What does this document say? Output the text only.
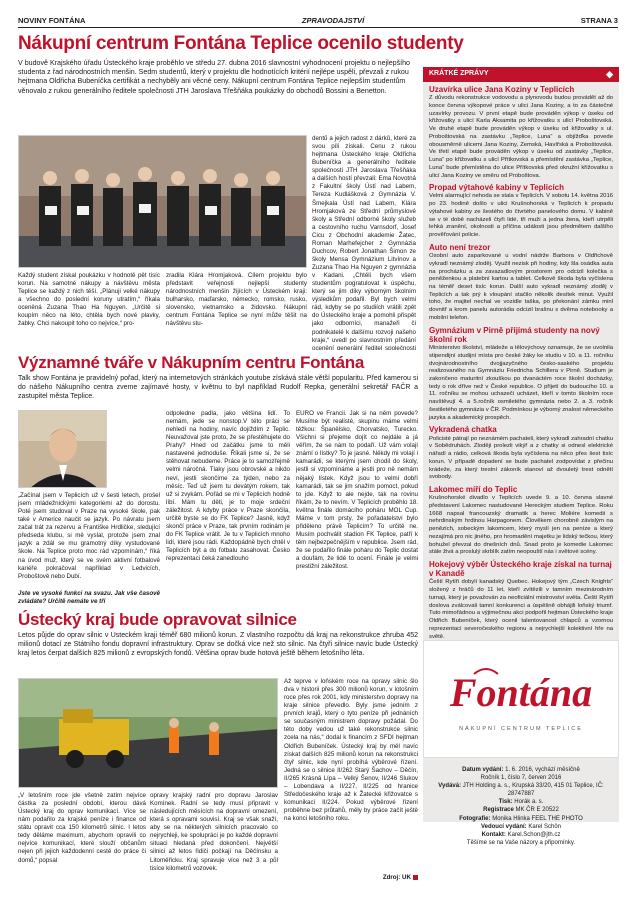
NOVINY FONTÁNA	ZPRAVODAJSTVÍ	STRANA 3
Nákupní centrum Fontána Teplice ocenilo studenty
V budově Krajského úřadu Ústeckého kraje proběhlo ve středu 27. dubna 2016 slavnostní vyhodnocení projektu o nejlepšího studenta z řad národnostních menšin. Sedm studentů, který v projektu dle hodnotících kritérií nejlépe uspěli, převzali z rukou hejtmana Oldřicha Bubeníčka certifikát a nechyběly ani věcné ceny. Nákupní centrum Fontána Teplice nejlepším studentům věnovalo z rukou generálního ředitele společnosti JTH Jaroslava Třešňáka poukázky do obchodů Bossini a Benetton.
dentů a jejich radost z dárků, které za svou píli získali. Cenu z rukou hejtmana Ústeckého kraje Oldřicha Bubeníčka a generálního ředitele společnosti JTH Jaroslava Třešňáka a dalších hostí převzali: Ema Novotná z Fakultní školy Ústí nad Labem, Tereza Kudlášková z Gymnázia V. Šmejkala Ústí nad Labem, Klára Hromjaková ze Střední průmyslové školy a Střední odborné školy služeb a cestovního ruchu Varnsdorf, Josef Cicu z Obchodní akademie Žatec, Roman Marhefejcher z Gymnázia Duchcov, Robert Jonathan Šimon ze školy Mensa Gymnázium Litvínov a Zuzana Thao Ha Nguyen z gymnázia v Kadani. „Chtěli bych všem studentům pogratulovat k úspěchu, který se jim díky výborným školním výsledkům podařil. Byl bych velmi rád, kdyby se po studiích vrátili zpět do Ústeckého kraje a pomohli přispět jako odborníci, manažeři či podnikatelé k dalšímu rozvoji našeho kraje,“ uvedl po slavnostním předání ocenění generální ředitel společnosti
Každý student získal poukázku v hodnotě pět tisíc korun. Na samotné nákupy a návštěvu města Teplice se každý z nich těší. „Plánuji velké nákupy a všechno do poslední koruny utratím,“ říkala oceněná Zuzana Thao Ha Nguyen. „Určitě si koupím něco na léto, chtěla bych nové plavky, žabky. Chci nakoupit toho co nejvíce,“ pro-
zradila Klára Hromjaková. Cílem projektu bylo představit veřejnosti nejlepší studenty národnostních menšin žijících v Ústeckém kraji: bulharsko, maďarsko, německo, romsko, rusko, slovensko, vietnamsko a židovsko. Nákupní centrum Fontána Teplice se nyní může těšit na návštěvu stu-
Významné tváře v Nákupním centru Fontána
Talk show Fontána je pravidelný pořad, který na internetových stránkách youtube získává stále větší popularitu. Před kamerou si do nášeho Nákupního centra zveme zajímavé hosty, v květnu to byl například Rudolf Repka, generální sekretář FAČR a zastupitel města Teplice.
„Začínal jsem v Teplicích už v šesti letech, prošel jsem mládežnickými kategoriemi až do dorostu. Poté jsem studoval v Praze na vysoké škole, pak také v Americe naučit se jazyk. Po návratu jsem začal trát za rezervu a Františke Hrdličke, sledující předseda klubu, si mě vyslal, protože jsem znal jazyk a zdál se mu gramotný díky vystudované škole. Na Teplice proto moc rád vzpomínám,“ říká na úvod muž, který se ve svém aktivní fotbalové kariéře pokračoval například v Ledvicích, Proboštově nebo Dubí.
Jste ve vysoké funkci na svazu. Jak vše časově zvládáte? Určitě nemáte ve tři
odpoledne padla, jako většina lidí. To nemám, jede se nonstop.V této práci se nehledí na hodiny, navíc dojíždím z Teplic. Neuvažoval jste proto, že se přestěhujete do Prahy? Hned od začátku jsme to měli nastavené jednoduše. Říkali jsme si, že se stěhovat nebudeme. Práce je to samozřejmě velmi náročná. Tlaky jsou obrovské a nikdo neví, jestli skončíme za týden, nebo za měsíc. Teď už jsem tu devátým rokem, tak už si zvykám. Pořád se mi v Teplicích hodně líbí. Mám tu děti, je to moje srdeční záležitost. A kdyby práce v Praze skončila, určitě byste se do FK Teplice? Jasně, když skončí práce v Praze, tak prvním rodinám je do FK Teplice vrátit. Je tu v Teplicích mnoho lidí, které jsou rádi. Každopádně bych chtěl v Teplicích být a do fotbalu zasahovat. Česko reprezentaci čeká zanedlouho
EURO ve Francii. Jak si na něm povede? Musíme být realisté, skupinu máme velmi těžkou: Španělsko, Chorvatsko, Turecko. Všichni si přejeme dojít co nejdále a já věřím, že se nám to podaří. Už vám volají známí o lístky? To je jasné. Někdy mi volají i kamarádi, se kterými jsem chodil do školy, jestli si vzpomínáme a jestli pro ně nemám nějaký lístek. Když jsou to velmi dobří kamarádi, tak se jim snažím pomoct, pokud to jde. Když to ale nejde, tak na rovinu říkám, že to nevím. V Teplicích proběhlo 18. května finále domácího poháru MOL Cup. Máme v tom prsty, že pořadatelství bylo přiděleno právě Teplicím? To určitě ne. Musím pochválit stadion FK Teplice, patří k těm nejbezpečnějším v republice. Jsem rád, že se podařilo finále poháru do Teplic dostat a doufám, že lidé to ocení. Finále je velmi prestižní záležitost.
Ústecký kraj bude opravovat silnice
Letos půjde do oprav silnic v Ústeckém kraji téměř 680 milionů korun. Z vlastního rozpočtu dá kraj na rekonstrukce zhruba 452 milionů dotací ze Státního fondu dopravní infrastruktury. Oprav se dočká více než sto silnic. Na čtyři silnice navíc bude Ústecký kraj letos čerpat dalších 825 milionů z evropských fondů. Většina oprav bude hotová ještě během letošního léta.
„V letošním roce jde všetně zatím nejvíce částka za poslední období, kterou dává Ústecký kraj do oprav komunikací. Více se nám podařilo za krajské peníze i finance od státu opravit cca 150 kilometrů silnic. I letos tedy děláme maximum, abychom opravili co nejvíce komunikací, které slouží občanům nejen při jejich každodenní cestě do práce či domů,“ popsal
opravy krajský radní pro dopravu Jaroslav Komínek. Radní se tedy musí připravit v následujících měsících na dopravní omezení, která s opravami souvisí. Kraj se však snaží, aby se na některých silnicích pracovalo co nejrychleji, ke spolupráci je po každé dopravní situaci hledaná před dokončení. Největší silnici až letos řidiči počkají na Děčínsku a Litoměřicku. Kraj spravuje více než 3 a půl tisíce kilometrů vozovek.
Až teprve v loňském roce na opravy silnic šlo dva v historii přes 300 milionů korun, v lotošním roce přes rok 2001, kdy ministerstvo dopravy na kraje silnice převedlo. Byly jsme jedním z prvních krajů, který o tyto peníze při jednáních se současným ministrem dopravy požádal. Do této doby vedou už také rekonstrukce silnic zcela na nás,“ dodal k financím z SFDI hejtman Oldřich Bubeníček. Ústecký kraj by měl navíc získat dalších 825 milionů korun na rekonstrukci čtyř silnic, kde nyní probíhá výběrové řízení. Jedná se o silnice II/262 Starý Šachov – Děčín, II/265 Krásná Lípa – Velký Šenov, II/246 Slukov – Lobendava a II/227, II/225 od hranice Středočeského kraje až k Žatecké křižovatce s komunikací II/224. Pokud výběrové řízení proběhne bez průtahů, měly by práce začít ještě na konci letošního roku.
Zdroj: ÚK
KRÁTKÉ ZPRÁVY	◆
Uzavírka ulice Jana Koziny v Teplicích
Z důvodu rekonstrukce vodovodu a plynovodu budou provádět až do konce června výkopové práce v ulici Jana Koziny, a to za částečné uzavírky provozu. V první etapě bude prováděn výkop v úseku od křižovatky s ulicí Karla Aksamita po křižovatku s ulicí Proboštovská. Ve druhé etapě bude prováděn výkop v úseku od křižovatky s ul. Proboštovská na zastávku „Teplice, Luna“ a objížďka povede obousměrně ulicemi Jana Koziny, Zemská, Havířská a Proboštovská. Ve třetí etapě bude prováděn výkop v úseku od zastávky „Teplice, Luna“ po křižovatku s ulicí Přítkovská a přemístění zastávka „Teplice, Luna“ bude přemístěna do ulice Přítkovská před okružní křižovatku s ulicí Jana Koziny ve směru od Proboštova.
Propad výtahové kabiny v Teplicích
Velmi alarmující nehoda se stala v Teplicích. V sobotu 14. května 2016 po 23. hodině došlo v ulici Krušnohorská v Teplicích k propadu výtahové kabiny ze šestého do čtvrtého panelového domu. V kabině se v té době nacházeli čtyři lidé, tři muži a jedna žena, kteří utrpěli lehká zranění, okolnosti a příčina události jsou předmětem dalšího prověřování policie.
Auto není trezor
Osobní auto zaparkované u vodní nádrže Barbora v Oldřichově vykradl neznámý zloděj. Využil nezisk při hodiny, kdy šla osádka auta na procházku a za zavazadlovým prostorem pro odcizil kolečka s peněženkou a platební kartou a tablet. Celkově škoda byla vyčíslena na téměř deset tisíc korun. Další auto vykradl neznámý zloděj v Teplicích a tak prý k vloupání stačilo několik desítek minut. Využil toho, že majitel nechal ve vozidle taška, po překonání zámku minl dovnitř a krom panelu autorádia odcizil brašnu s dvěma notebooky a mobilní telefon.
Gymnázium v Pirně přijímá studenty na nový školní rok
Ministerstvo školství, mládeže a tělovýchovy oznamuje, že se uvolnila stipendijní studijní místa pro české žáky ke studiu v 10. a 11. ročníku dvojnárodnostního dvojjazyčného česko-saského projektu realizovaného na Gymnáziu Friedricha Schillera v Pirně. Studium je zakončeno maturitní zkouškou po dvanáctém roce školní docházky, tedy o rok dříve než v České republice. O přijetí do budoucího 10. a 11. ročníku se mohou uchazeči ucházet, kteří v tomto školním roce navštěvují 4. a 5.ročník osmiletého gymnázia nebo 2. a 3. ročník šestiletého gymnázia v ČR. Podmínkou je výborný znalost německého jazyka a akademický prospěch.
Vykradená chatka
Policisté pátrají po neznámém pachateli, který vykradl zahradní chatku v Sobědruhách. Zloději prolezli vikýř a z chatky si odnesl elektrické nářadí a rádio, celková škoda byla vyčíslena na něco přes šest tisíc korun. V případě dopadení se bude pachatel zodpovídat z přečinu krádeže, za který trestní zákoník stanoví až dvouletý trest odnětí svobody.
Lakomec míří do Teplic
Krušnohorské divadlo v Teplicích uvede 9. a 10. června slavné představení Lakomec nastudované Hereckým studiem Teplice. Roku 1668 napsal francouzský dramatik a herec Moliére komedii s nehrdinským hrdinou Harpagonem. Člověkem chorobně závislým na penězích, sobeckým lakomcem, který myslí jen na peníze a který nezajímá pro nic jiného, pro hromadění majetku je lidský tečkou, který bohužel převzal do dnešních dnů. Snad proto je komedie Lakomec stále živá a proslulý skrblík zatím neopouští nás i světové scény.
Hokejový výběr Ústeckého kraje získal na turnaj v Kanadě
Čeští Rytíři dobyli kanadský Quebec. Hokejový tým „Czech Knights“ složený z hráčů do 11 let, kteří zvítězili v tamním mezinárodním turnaji, který je považován za neoficiální mistrovství světa. Čeští Rytíři doslova zválcovali tamní konkurenci a úspěšně obhájili loňský triumf. Tuto mimořádnou a výjimečnou akci podpořil hejtman Ústeckého kraje Oldřich Bubeníček, který ocenil talentovanost chlapců a vzornou reprezentaci severočeského regionu a nejrychlejší kolektivní hře na světě.
Fontána
NÁKUPNÍ CENTRUM TEPLICE
Datum vydání: 1. 6. 2016, vychází měsíčně
Ročník 1, číslo 7, červen 2016
Vydává: JTH Holding a. s., Krupská 33/20, 415 01 Teplice, IČ: 28747887
Tisk: Horák a. s.
Registrace MK ČR E 20522
Fotografie: Monika Hlinka FEEL THE PHOTO
Vedoucí vydání: Karel Schön
Kontakt: Karel.Schon@jth.cz
Těšíme se na Vaše názory a připomínky.
